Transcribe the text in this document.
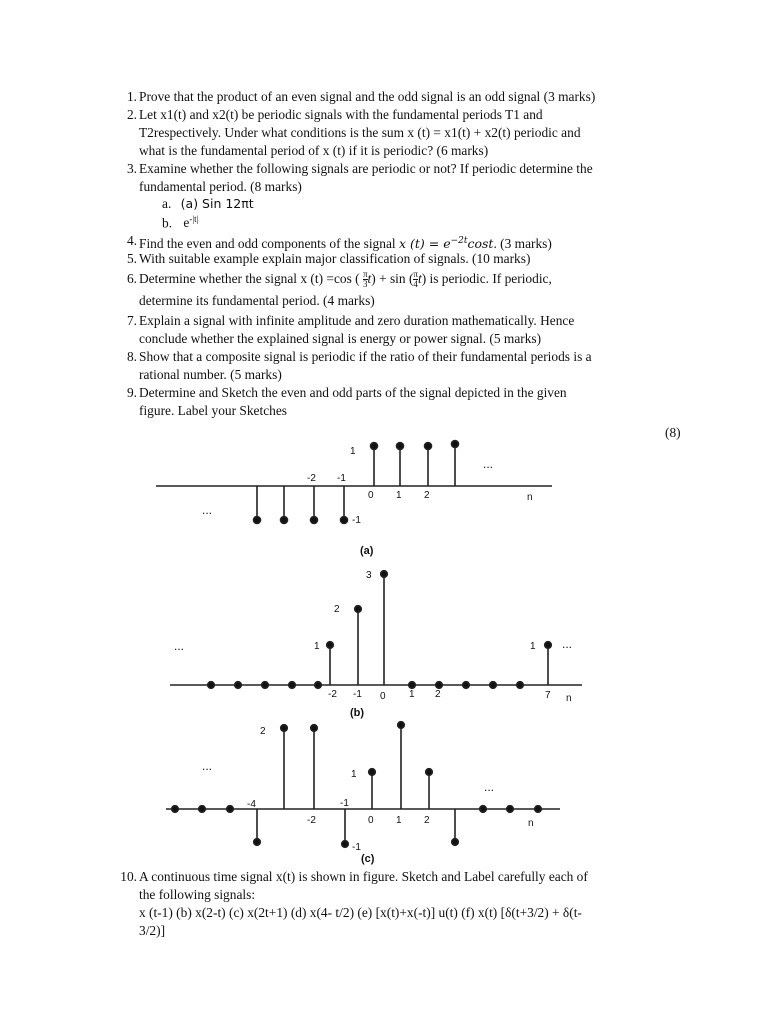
1. Prove that the product of an even signal and the odd signal is an odd signal (3 marks)
2. Let x1(t) and x2(t) be periodic signals with the fundamental periods T1 and
T2respectively. Under what conditions is the sum x (t) = x1(t) + x2(t) periodic and
what is the fundamental period of x (t) if it is periodic? (6 marks)
3. Examine whether the following signals are periodic or not? If periodic determine the
fundamental period. (8 marks)
a. (a) Sin 12πt
b. $e^{-|t|}$
4. Find the even and odd components of the signal x $(t) = e^{-2t}\cos t$. (3 marks)
5. With suitable example explain major classification of signals. (10 marks)
6. Determine whether the signal x (t) =cos ( $\frac{\pi}{3} t) + \sin$ ( $\frac{\pi}{4} t$) is periodic. If periodic,
determine its fundamental period. (4 marks)
7. Explain a signal with infinite amplitude and zero duration mathematically. Hence
conclude whether the explained signal is energy or power signal. (5 marks)
8. Show that a composite signal is periodic if the ratio of their fundamental periods is a
rational number. (5 marks)
9. Determine and Sketch the even and odd parts of the signal depicted in the given
figure. Label your Sketches
(8)
1
-2 -1
0 1 2	n
-1
...
...
(a)
3
2
1	1
-2 -1 0 1 2	7 n
...	...
(b)
2
1
-1
-4
-2
-1
0 1 2	n
...
...
(c)
10. A continuous time signal x(t) is shown in figure. Sketch and Label carefully each of
the following signals:
x (t-1) (b) x(2-t) (c) x(2t+1) (d) x(4- t/2) (e) [x(t)+x(-t)] u(t) (f) x(t) [δ(t+3/2) + δ(t-
3/2)]
